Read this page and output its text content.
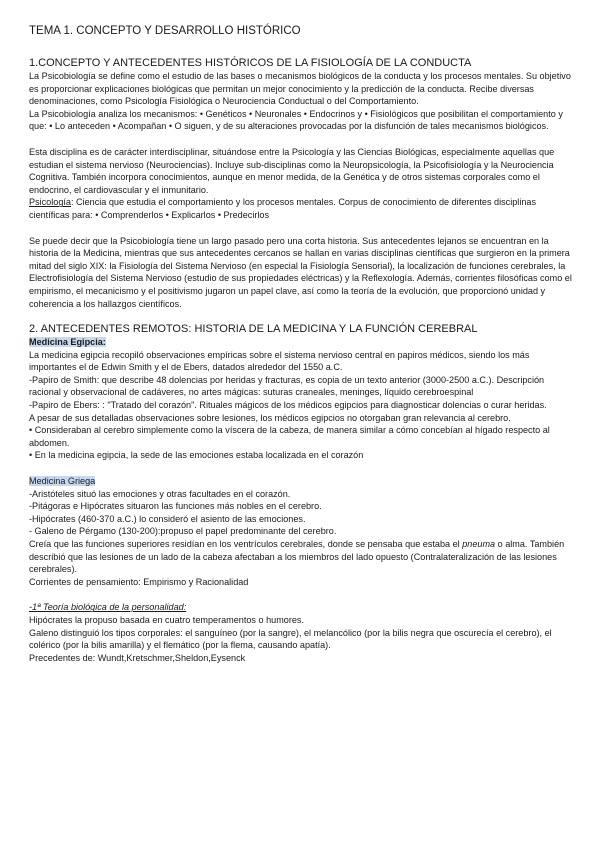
TEMA 1. CONCEPTO Y DESARROLLO HISTÓRICO
1.CONCEPTO Y ANTECEDENTES HISTÓRICOS DE LA FISIOLOGÍA DE LA CONDUCTA

La Psicobiología se define como el estudio de las bases o mecanismos biológicos de la conducta y los procesos mentales. Su objetivo es proporcionar explicaciones biológicas que permitan un mejor conocimiento y la predicción de la conducta. Recibe diversas denominaciones, como Psicología Fisiológica o Neurociencia Conductual o del Comportamiento.

La Psicobiología analiza los mecanismos: • Genéticos • Neuronales • Endocrinos y • Fisiológicos que posibilitan el comportamiento y que: • Lo anteceden • Acompañan • O siguen, y de su alteraciones provocadas por la disfunción de tales mecanismos biológicos.

Esta disciplina es de carácter interdisciplinar, situándose entre la Psicología y las Ciencias Biológicas, especialmente aquellas que estudian el sistema nervioso (Neurociencias). Incluye sub-disciplinas como la Neuropsicología, la Psicofisiología y la Neurociencia Cognitiva. También incorpora conocimientos, aunque en menor medida, de la Genética y de otros sistemas corporales como el endocrino, el cardiovascular y el inmunitario.

Psicología: Ciencia que estudia el comportamiento y los procesos mentales. Corpus de conocimiento de diferentes disciplinas científicas para: • Comprenderlos • Explicarlos • Predecirlos

Se puede decir que la Psicobiología tiene un largo pasado pero una corta historia. Sus antecedentes lejanos se encuentran en la historia de la Medicina, mientras que sus antecedentes cercanos se hallan en varias disciplinas científicas que surgieron en la primera mitad del siglo XIX: la Fisiología del Sistema Nervioso (en especial la Fisiología Sensorial), la localización de funciones cerebrales, la Electrofisiología del Sistema Nervioso (estudio de sus propiedades eléctricas) y la Reflexología. Además, corrientes filosóficas como el empirismo, el mecanicismo y el positivismo jugaron un papel clave, así como la teoría de la evolución, que proporcionó unidad y coherencia a los hallazgos científicos.

2. ANTECEDENTES REMOTOS: HISTORIA DE LA MEDICINA Y LA FUNCIÓN CEREBRAL

Medicina Egipcia:

La medicina egipcia recopiló observaciones empíricas sobre el sistema nervioso central en papiros médicos, siendo los más importantes el de Edwin Smith y el de Ebers, datados alrededor del 1550 a.C.

-Papiro de Smith: que describe 48 dolencias por heridas y fracturas, es copia de un texto anterior (3000-2500 a.C.). Descripción racional y observacional de cadáveres, no artes mágicas: suturas craneales, meninges, líquido cerebroespinal

-Papiro de Ebers: : "Tratado del corazón". Rituales mágicos de los médicos egipcios para diagnosticar dolencias o curar heridas.

A pesar de sus detalladas observaciones sobre lesiones, los médicos egipcios no otorgaban gran relevancia al cerebro.

• Consideraban al cerebro simplemente como la víscera de la cabeza, de manera similar a cómo concebían al hígado respecto al abdomen.

• En la medicina egipcia, la sede de las emociones estaba localizada en el corazón

Medicina Griega

-Aristóteles situó las emociones y otras facultades en el corazón.

-Pitágoras e Hipócrates situaron las funciones más nobles en el cerebro.

-Hipócrates (460-370 a.C.) lo consideró el asiento de las emociones.

- Galeno de Pérgamo (130-200):propuso el papel predominante del cerebro.

Creía que las funciones superiores residían en los ventrículos cerebrales, donde se pensaba que estaba el pneuma o alma. También describió que las lesiones de un lado de la cabeza afectaban a los miembros del lado opuesto (Contralateralización de las lesiones cerebrales).

Corrientes de pensamiento: Empirismo y Racionalidad

-1ª Teoría biológica de la personalidad:

Hipócrates la propuso basada en cuatro temperamentos o humores.

Galeno distinguió los tipos corporales: el sanguíneo (por la sangre), el melancólico (por la bilis negra que oscurecía el cerebro), el colérico (por la bilis amarilla) y el flemático (por la flema, causando apatía).

Precedentes de: Wundt,Kretschmer,Sheldon,Eysenck
